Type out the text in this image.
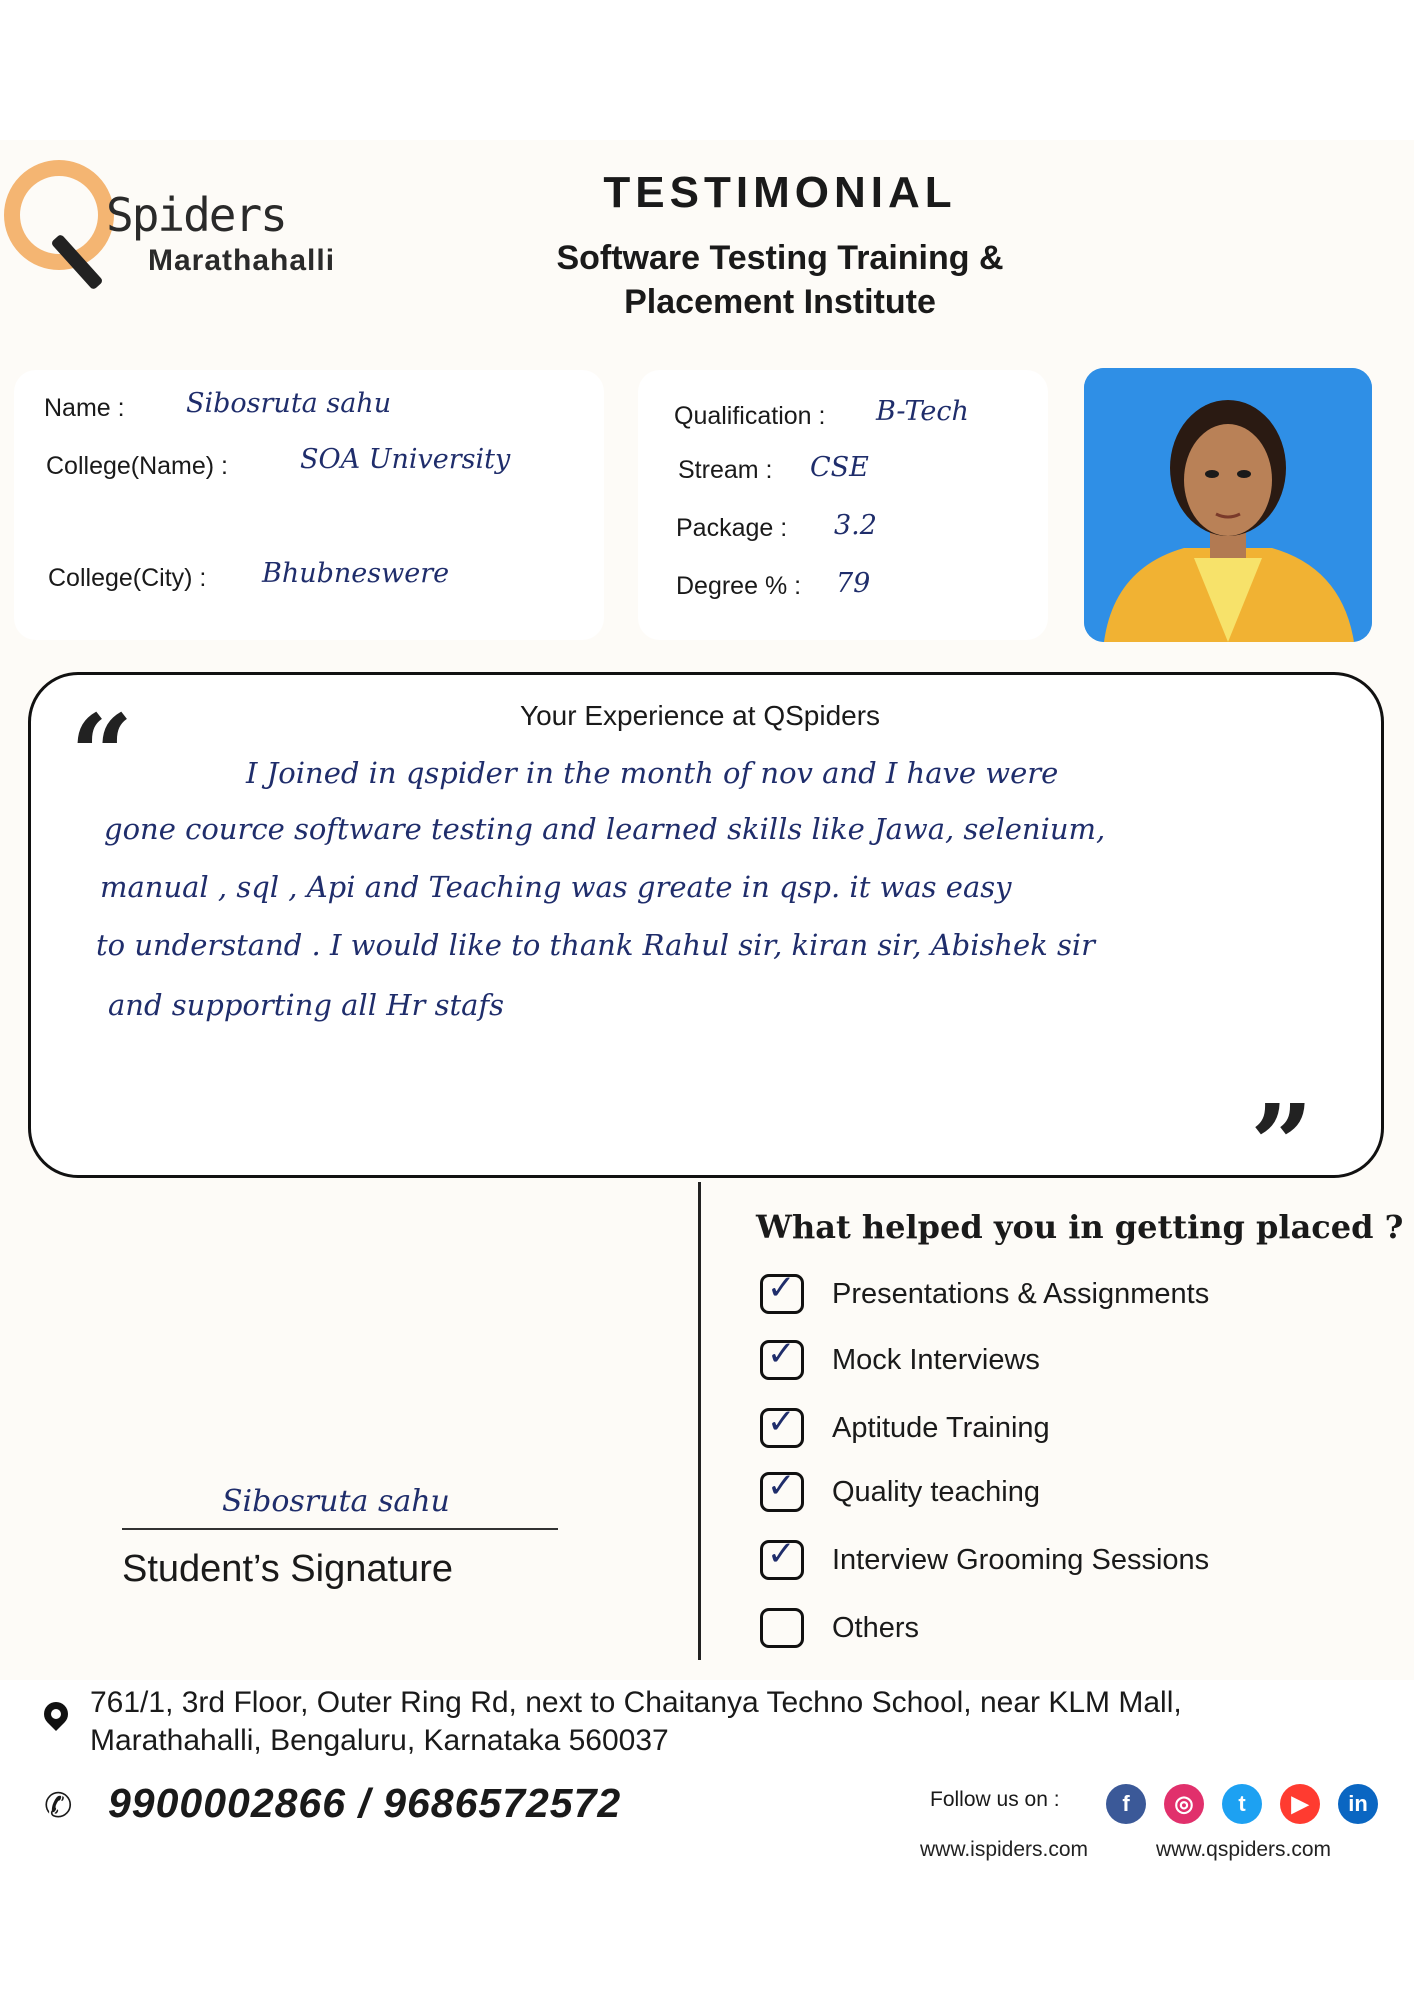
Spiders
Marathahalli
TESTIMONIAL
Software Testing Training &
Placement Institute
Name : Sibosruta sahu
College(Name) :	SOA University
College(City) : Bhubneswere
Qualification : B-Tech
Stream : CSE
Package : 3.2
Degree % : 79
Your Experience at QSpiders
“
”
I Joined in qspider in the month of nov and I have were
gone cource software testing and learned skills like Jawa, selenium,
manual , sql , Api and Teaching was greate in qsp. it was easy
to understand . I would like to thank Rahul sir, kiran sir, Abishek sir
and supporting all Hr stafs
What helped you in getting placed ?
✓ Presentations & Assignments
✓ Mock Interviews
✓ Aptitude Training
✓ Quality teaching
✓ Interview Grooming Sessions
Others
Sibosruta sahu
Student’s Signature
761/1, 3rd Floor, Outer Ring Rd, next to Chaitanya Techno School, near KLM Mall,
Marathahalli, Bengaluru, Karnataka 560037
✆ 9900002866 / 9686572572	Follow us on :	f	◎	t	▶	in
www.ispiders.com	www.qspiders.com
